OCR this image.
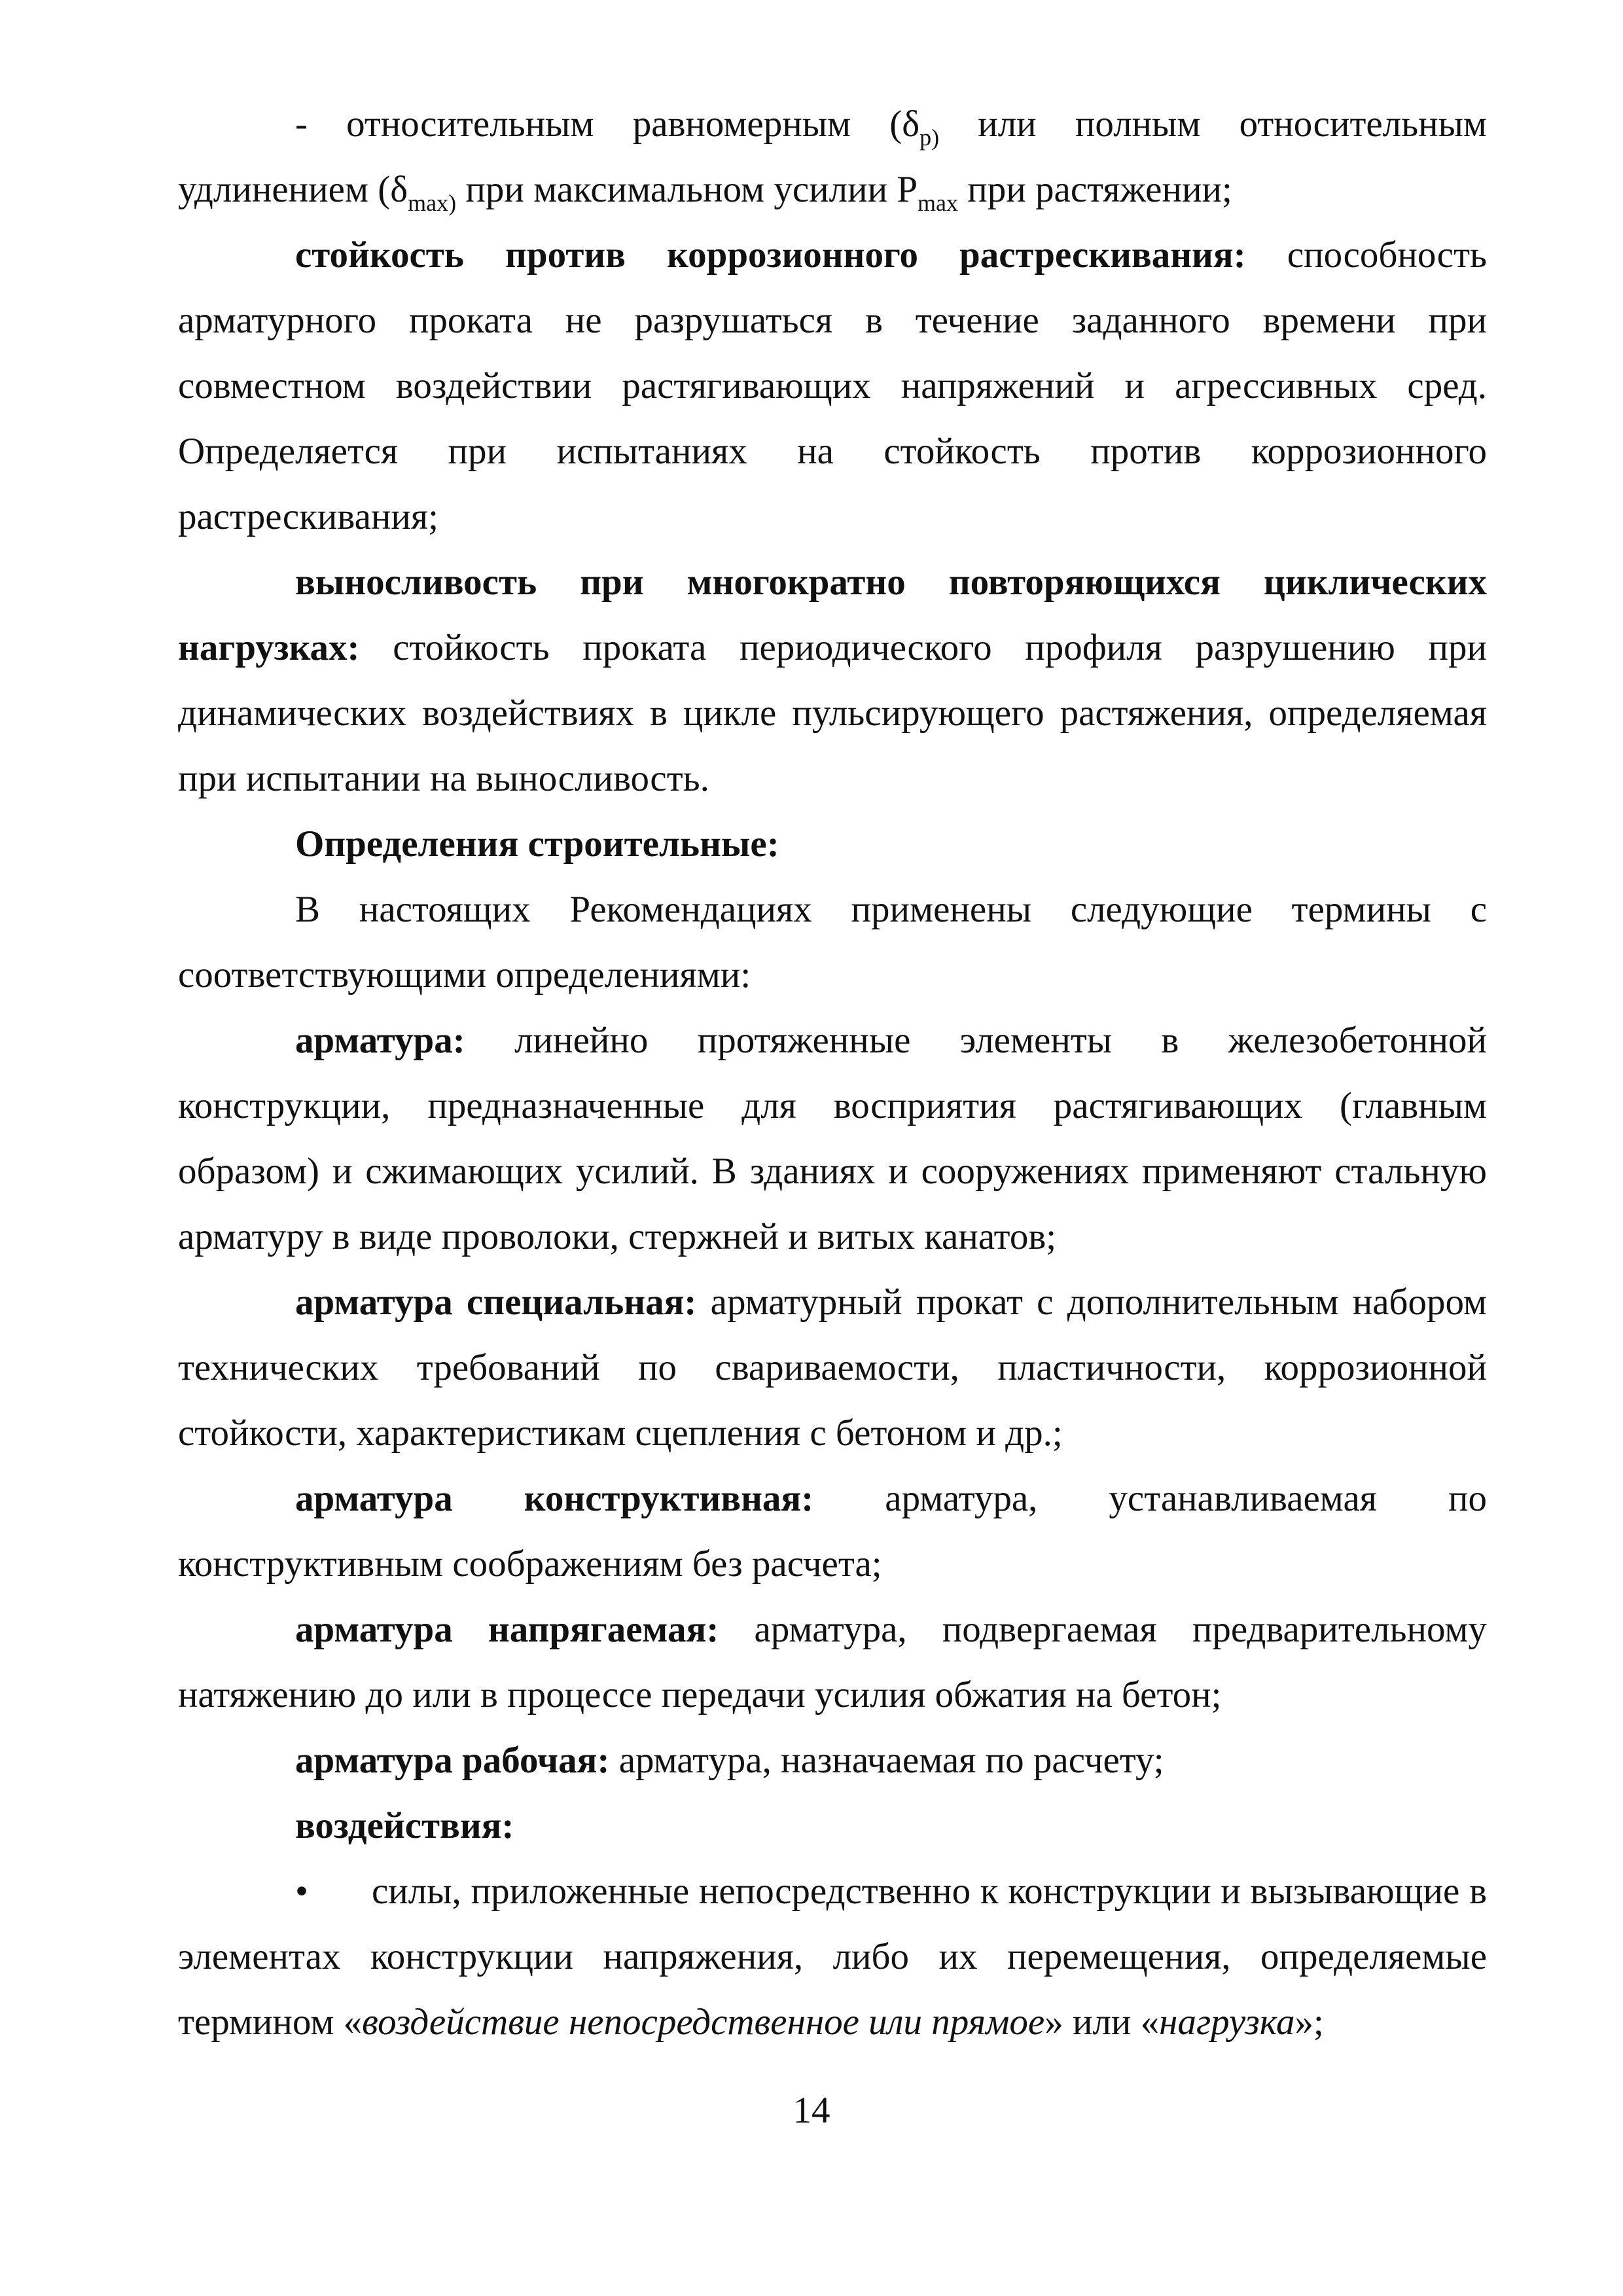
- относительным равномерным ($\delta_{р)}$ или полным относительным удлинением ($\delta_{max)}$ при максимальном усилии $P_{max}$ при растяжении;

стойкость против коррозионного растрескивания: способность арматурного проката не разрушаться в течение заданного времени при совместном воздействии растягивающих напряжений и агрессивных сред. Определяется при испытаниях на стойкость против коррозионного растрескивания;

выносливость при многократно повторяющихся циклических нагрузках: стойкость проката периодического профиля разрушению при динамических воздействиях в цикле пульсирующего растяжения, определяемая при испытании на выносливость.

Определения строительные:

В настоящих Рекомендациях применены следующие термины с соответствующими определениями:

арматура: линейно протяженные элементы в железобетонной конструкции, предназначенные для восприятия растягивающих (главным образом) и сжимающих усилий. В зданиях и сооружениях применяют стальную арматуру в виде проволоки, стержней и витых канатов;

арматура специальная: арматурный прокат с дополнительным набором технических требований по свариваемости, пластичности, коррозионной стойкости, характеристикам сцепления с бетоном и др.;

арматура конструктивная: арматура, устанавливаемая по конструктивным соображениям без расчета;

арматура напрягаемая: арматура, подвергаемая предварительному натяжению до или в процессе передачи усилия обжатия на бетон;

арматура рабочая: арматура, назначаемая по расчету;

воздействия:

• силы, приложенные непосредственно к конструкции и вызывающие в элементах конструкции напряжения, либо их перемещения, определяемые термином «воздействие непосредственное или прямое» или «нагрузка»;

14
